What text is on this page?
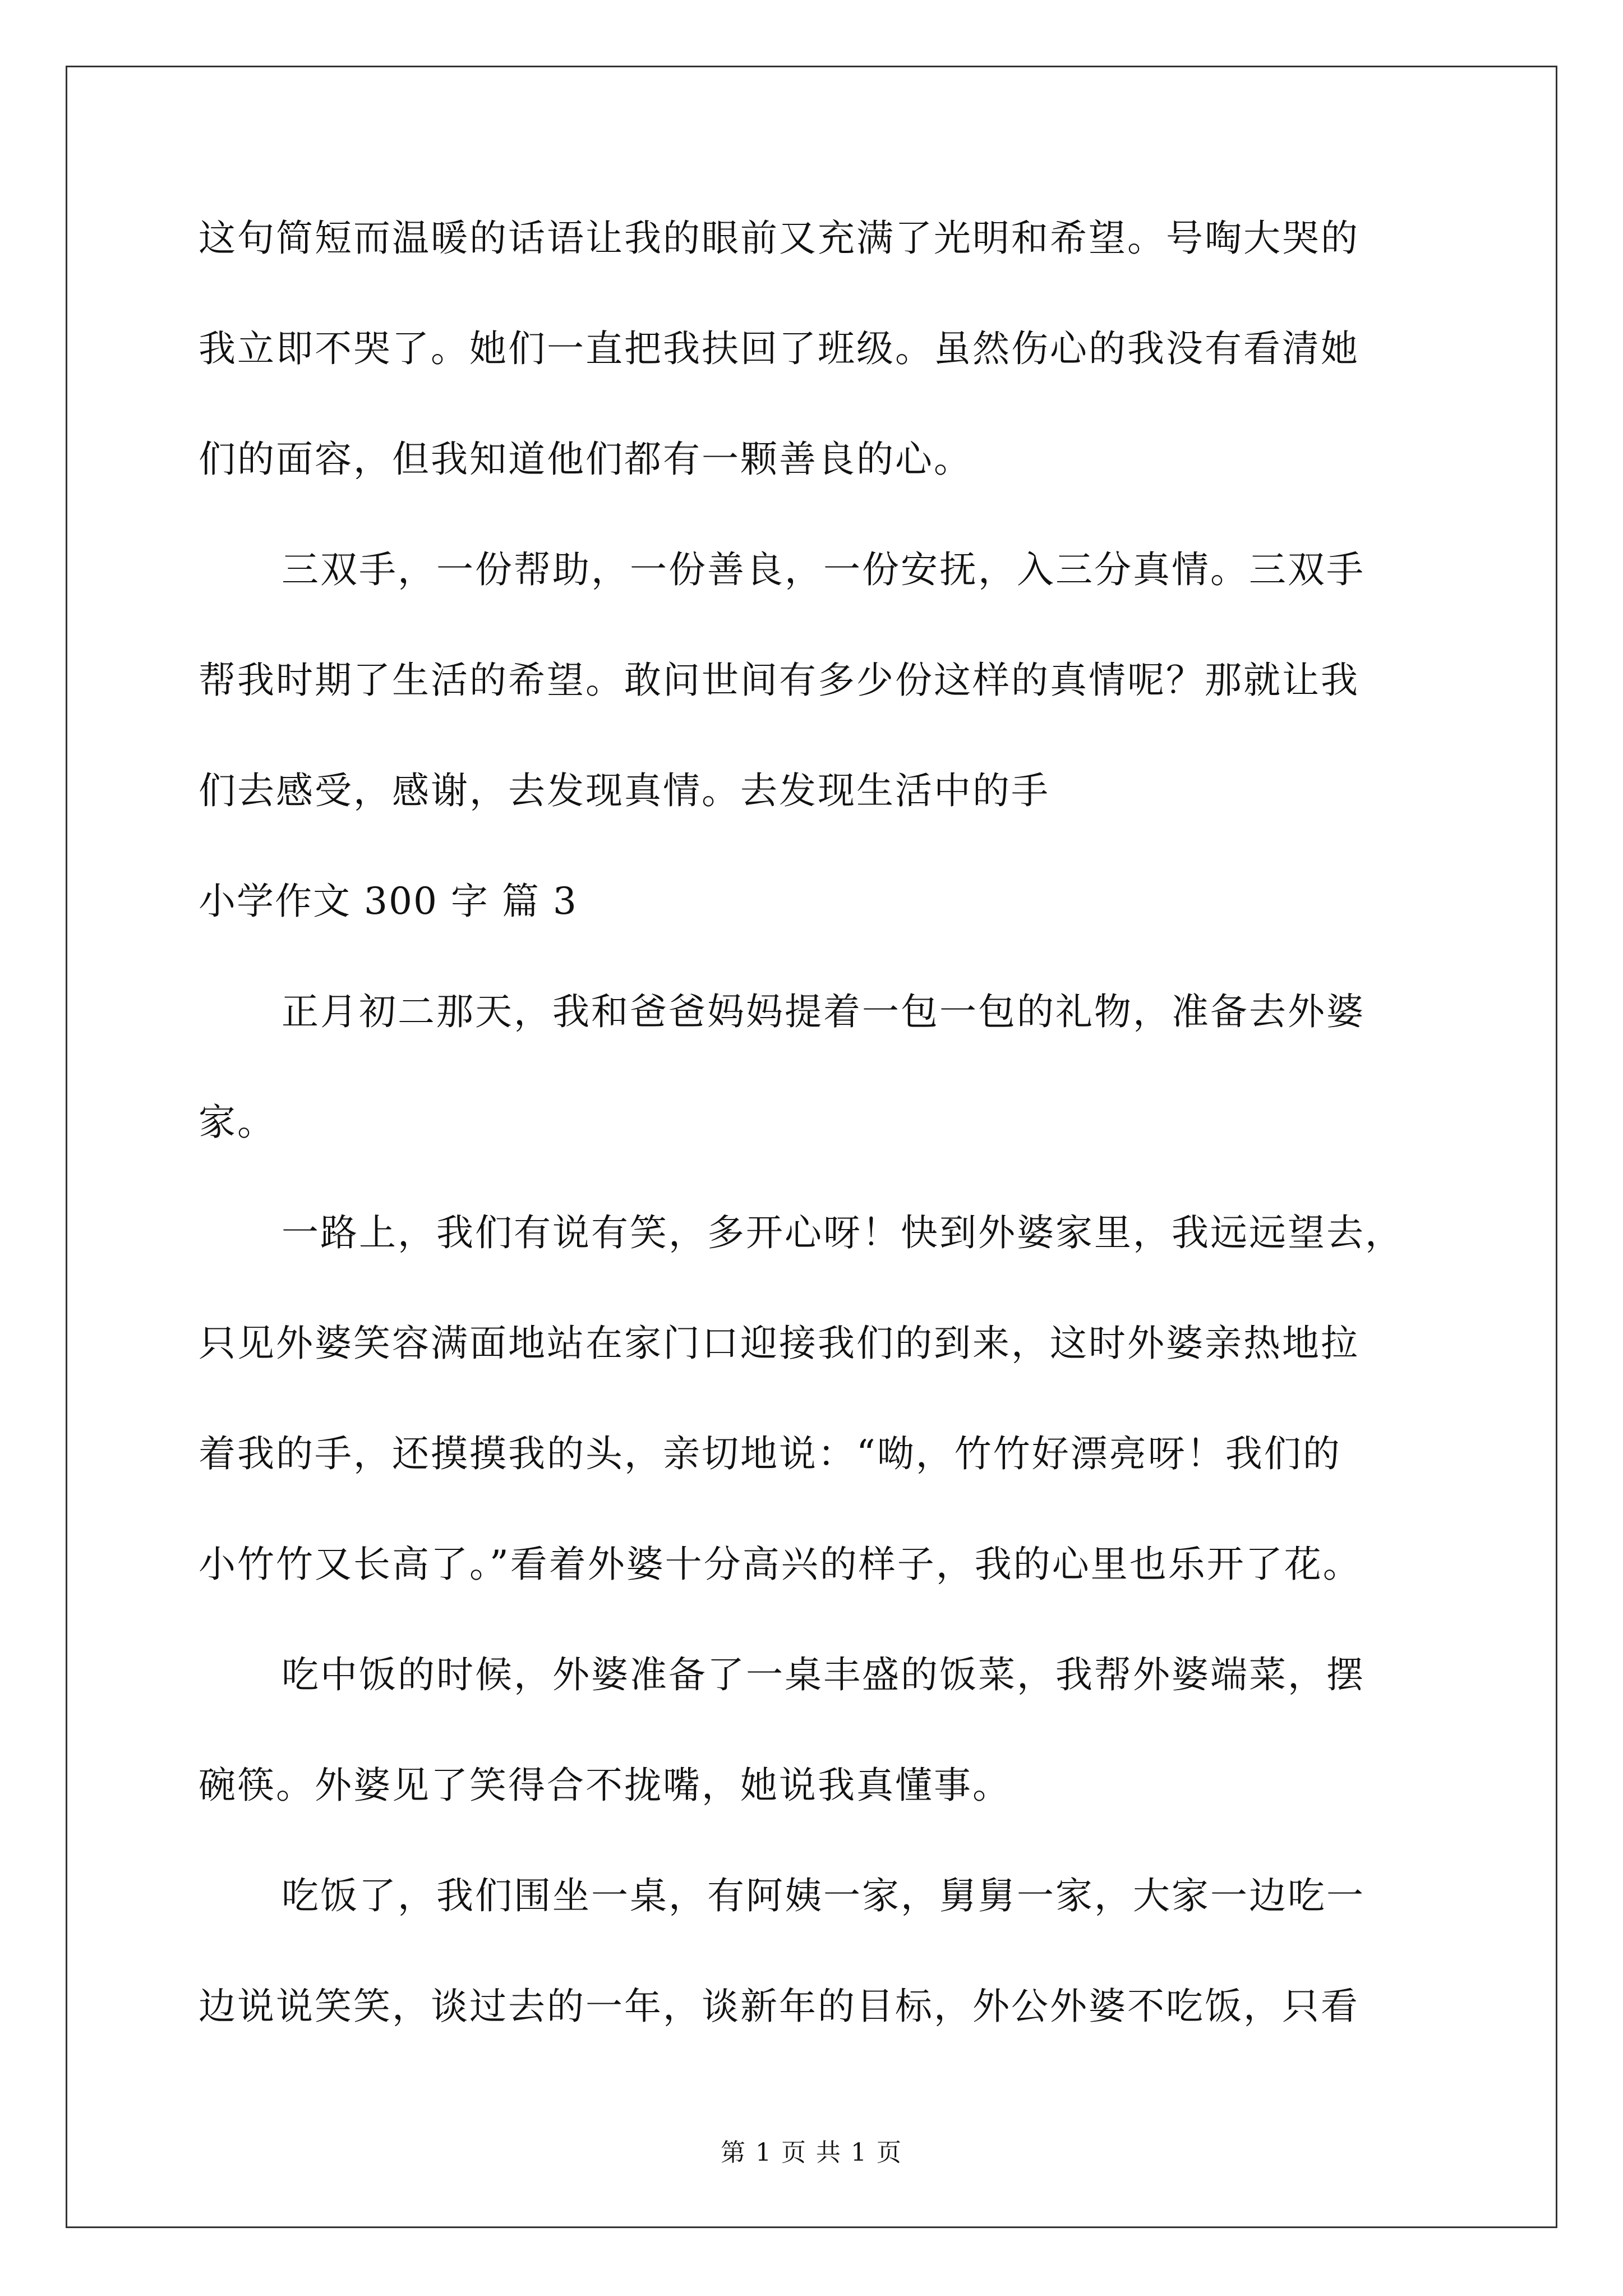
这句简短而温暖的话语让我的眼前又充满了光明和希望。号啕大哭的
我立即不哭了。她们一直把我扶回了班级。虽然伤心的我没有看清她
们的面容，但我知道他们都有一颗善良的心。
三双手，一份帮助，一份善良，一份安抚，入三分真情。三双手
帮我时期了生活的希望。敢问世间有多少份这样的真情呢？那就让我
们去感受，感谢，去发现真情。去发现生活中的手
小学作文 300 字 篇 3
正月初二那天，我和爸爸妈妈提着一包一包的礼物，准备去外婆
家。
一路上，我们有说有笑，多开心呀！快到外婆家里，我远远望去，
只见外婆笑容满面地站在家门口迎接我们的到来，这时外婆亲热地拉
着我的手，还摸摸我的头，亲切地说：“呦，竹竹好漂亮呀！我们的
小竹竹又长高了。”看着外婆十分高兴的样子，我的心里也乐开了花。
吃中饭的时候，外婆准备了一桌丰盛的饭菜，我帮外婆端菜，摆
碗筷。外婆见了笑得合不拢嘴，她说我真懂事。
吃饭了，我们围坐一桌，有阿姨一家，舅舅一家，大家一边吃一
边说说笑笑，谈过去的一年，谈新年的目标，外公外婆不吃饭，只看
第 1 页 共 1 页
